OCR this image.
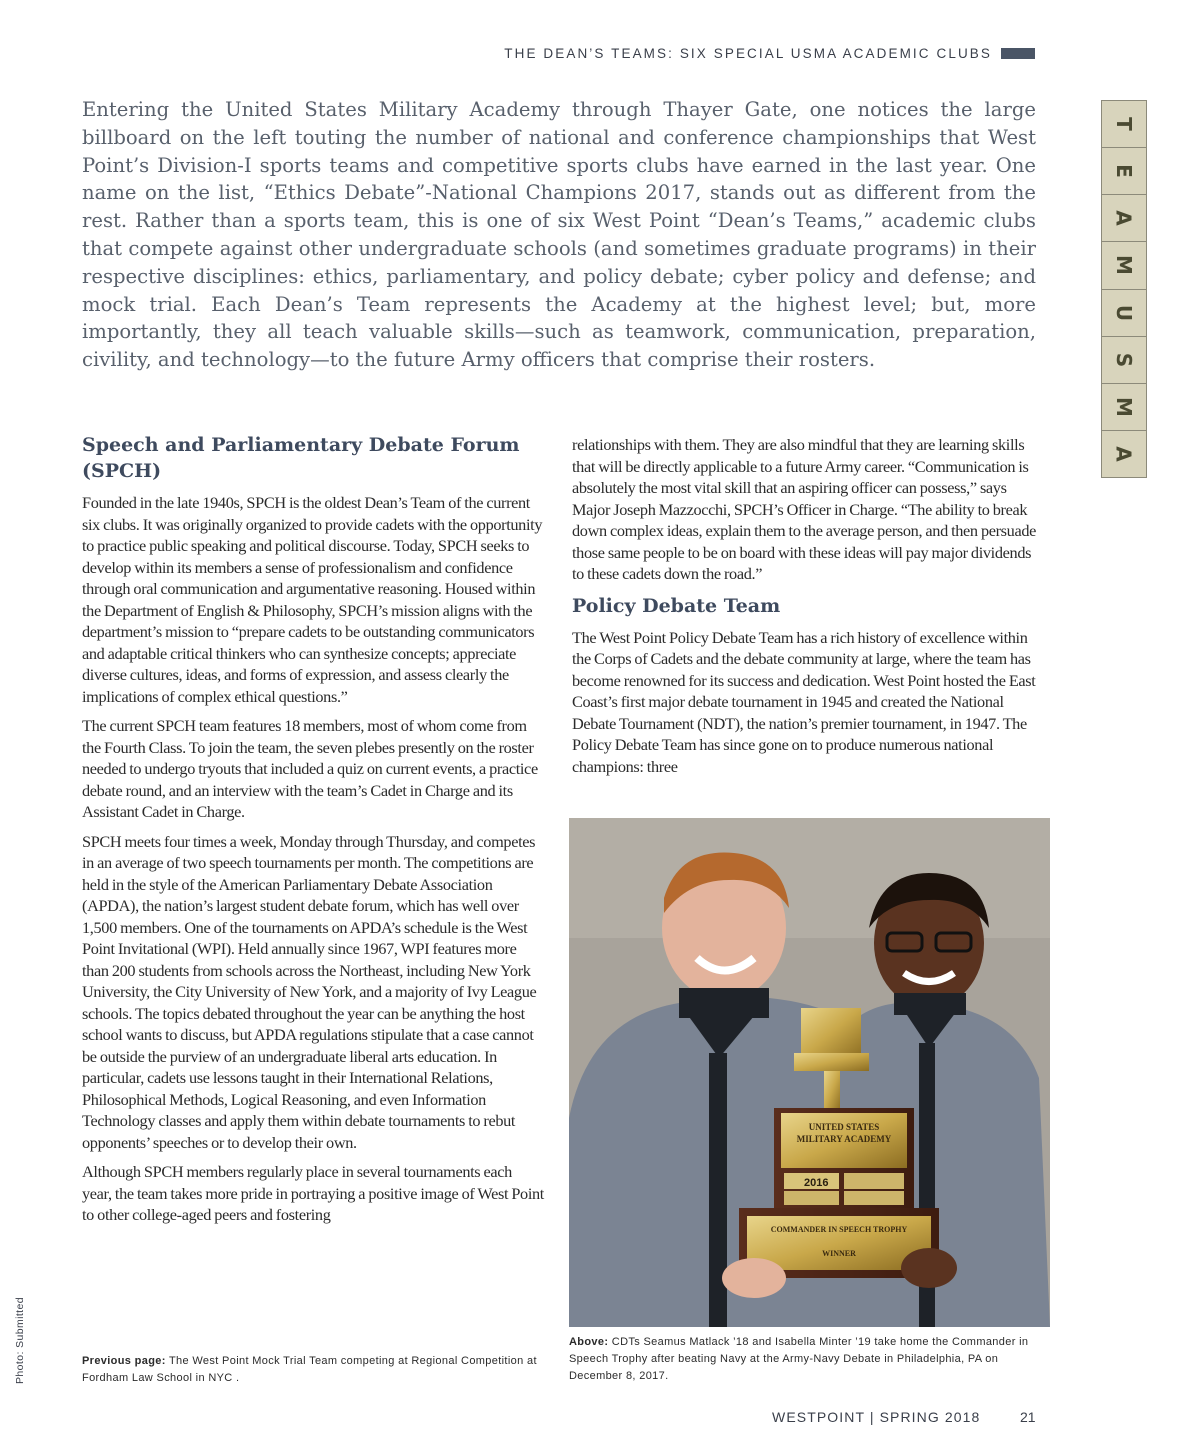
THE DEAN’S TEAMS: SIX SPECIAL USMA ACADEMIC CLUBS

Entering the United States Military Academy through Thayer Gate, one notices the large billboard on the left touting the number of national and conference championships that West Point’s Division-I sports teams and competitive sports clubs have earned in the last year. One name on the list, “Ethics Debate”-National Champions 2017, stands out as different from the rest. Rather than a sports team, this is one of six West Point “Dean’s Teams,” academic clubs that compete against other undergraduate schools (and sometimes graduate programs) in their respective disciplines: ethics, parliamentary, and policy debate; cyber policy and defense; and mock trial. Each Dean’s Team represents the Academy at the highest level; but, more importantly, they all teach valuable skills—such as teamwork, communication, preparation, civility, and technology—to the future Army officers that comprise their rosters.

T
E
A
M
U
S
M
A
Speech and Parliamentary Debate Forum (SPCH)

Founded in the late 1940s, SPCH is the oldest Dean’s Team of the current six clubs. It was originally organized to provide cadets with the opportunity to practice public speaking and political discourse. Today, SPCH seeks to develop within its members a sense of professionalism and confidence through oral communication and argumentative reasoning. Housed within the Department of English & Philosophy, SPCH’s mission aligns with the department’s mission to “prepare cadets to be outstanding communicators and adaptable critical thinkers who can synthesize concepts; appreciate diverse cultures, ideas, and forms of expression, and assess clearly the implications of complex ethical questions.”

The current SPCH team features 18 members, most of whom come from the Fourth Class. To join the team, the seven plebes presently on the roster needed to undergo tryouts that included a quiz on current events, a practice debate round, and an interview with the team’s Cadet in Charge and its Assistant Cadet in Charge.

SPCH meets four times a week, Monday through Thursday, and competes in an average of two speech tournaments per month. The competitions are held in the style of the American Parliamentary Debate Association (APDA), the nation’s largest student debate forum, which has well over 1,500 members. One of the tournaments on APDA’s schedule is the West Point Invitational (WPI). Held annually since 1967, WPI features more than 200 students from schools across the Northeast, including New York University, the City University of New York, and a majority of Ivy League schools. The topics debated throughout the year can be anything the host school wants to discuss, but APDA regulations stipulate that a case cannot be outside the purview of an undergraduate liberal arts education. In particular, cadets use lessons taught in their International Relations, Philosophical Methods, Logical Reasoning, and even Information Technology classes and apply them within debate tournaments to rebut opponents’ speeches or to develop their own.

Although SPCH members regularly place in several tournaments each year, the team takes more pride in portraying a positive image of West Point to other college-aged peers and fostering

relationships with them. They are also mindful that they are learning skills that will be directly applicable to a future Army career. “Communication is absolutely the most vital skill that an aspiring officer can possess,” says Major Joseph Mazzocchi, SPCH’s Officer in Charge. “The ability to break down complex ideas, explain them to the average person, and then persuade those same people to be on board with these ideas will pay major dividends to these cadets down the road.”

Policy Debate Team

The West Point Policy Debate Team has a rich history of excellence within the Corps of Cadets and the debate community at large, where the team has become renowned for its success and dedication. West Point hosted the East Coast’s first major debate tournament in 1945 and created the National Debate Tournament (NDT), the nation’s premier tournament, in 1947. The Policy Debate Team has since gone on to produce numerous national champions: three

UNITED STATES
MILITARY ACADEMY
2016
COMMANDER IN SPEECH TROPHY
WINNER
Above: CDTs Seamus Matlack ’18 and Isabella Minter ’19 take home the Commander in Speech Trophy after beating Navy at the Army-Navy Debate in Philadelphia, PA on December 8, 2017.
Previous page: The West Point Mock Trial Team competing at Regional Competition at Fordham Law School in NYC .
Photo: Submitted
WESTPOINT | SPRING 2018	21
